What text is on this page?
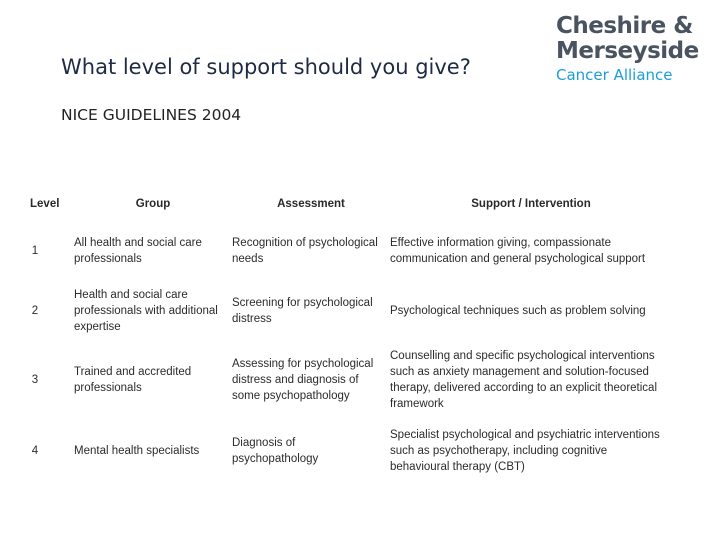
What level of support should you give?
NICE GUIDELINES 2004
Cheshire &
Merseyside
Cancer Alliance
Level	Group	Assessment	Support / Intervention
1	All health and social care professionals	Recognition of psychological needs	Effective information giving, compassionate communication and general psychological support
2	Health and social care professionals with additional expertise	Screening for psychological distress	Psychological techniques such as problem solving
3	Trained and accredited professionals	Assessing for psychological distress and diagnosis of some psychopathology	Counselling and specific psychological interventions such as anxiety management and solution-focused therapy, delivered according to an explicit theoretical framework
4	Mental health specialists	Diagnosis of psychopathology	Specialist psychological and psychiatric interventions such as psychotherapy, including cognitive behavioural therapy (CBT)
